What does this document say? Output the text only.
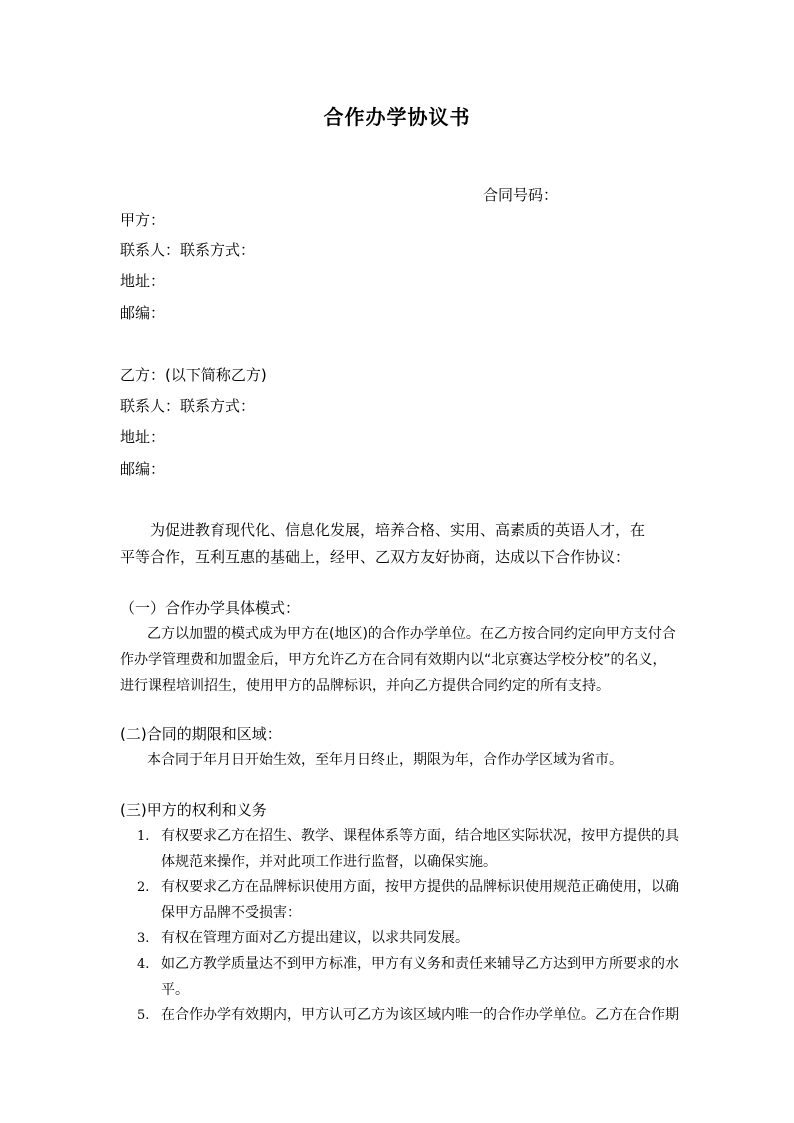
合作办学协议书
合同号码：
甲方：
联系人：联系方式：
地址：
邮编：
乙方：(以下简称乙方)
联系人：联系方式：
地址：
邮编：
为促进教育现代化、信息化发展，培养合格、实用、高素质的英语人才，在
平等合作，互利互惠的基础上，经甲、乙双方友好协商，达成以下合作协议：
（一）合作办学具体模式：
乙方以加盟的模式成为甲方在(地区)的合作办学单位。在乙方按合同约定向甲方支付合
作办学管理费和加盟金后，甲方允许乙方在合同有效期内以“北京赛达学校分校”的名义，
进行课程培训招生，使用甲方的品牌标识，并向乙方提供合同约定的所有支持。
(二)合同的期限和区域：
本合同于年月日开始生效，至年月日终止，期限为年，合作办学区域为省市。
(三)甲方的权利和义务
1. 有权要求乙方在招生、教学、课程体系等方面，结合地区实际状况，按甲方提供的具
体规范来操作，并对此项工作进行监督，以确保实施。
2. 有权要求乙方在品牌标识使用方面，按甲方提供的品牌标识使用规范正确使用，以确
保甲方品牌不受损害：
3. 有权在管理方面对乙方提出建议，以求共同发展。
4. 如乙方教学质量达不到甲方标准，甲方有义务和责任来辅导乙方达到甲方所要求的水
平。
5. 在合作办学有效期内，甲方认可乙方为该区域内唯一的合作办学单位。乙方在合作期
